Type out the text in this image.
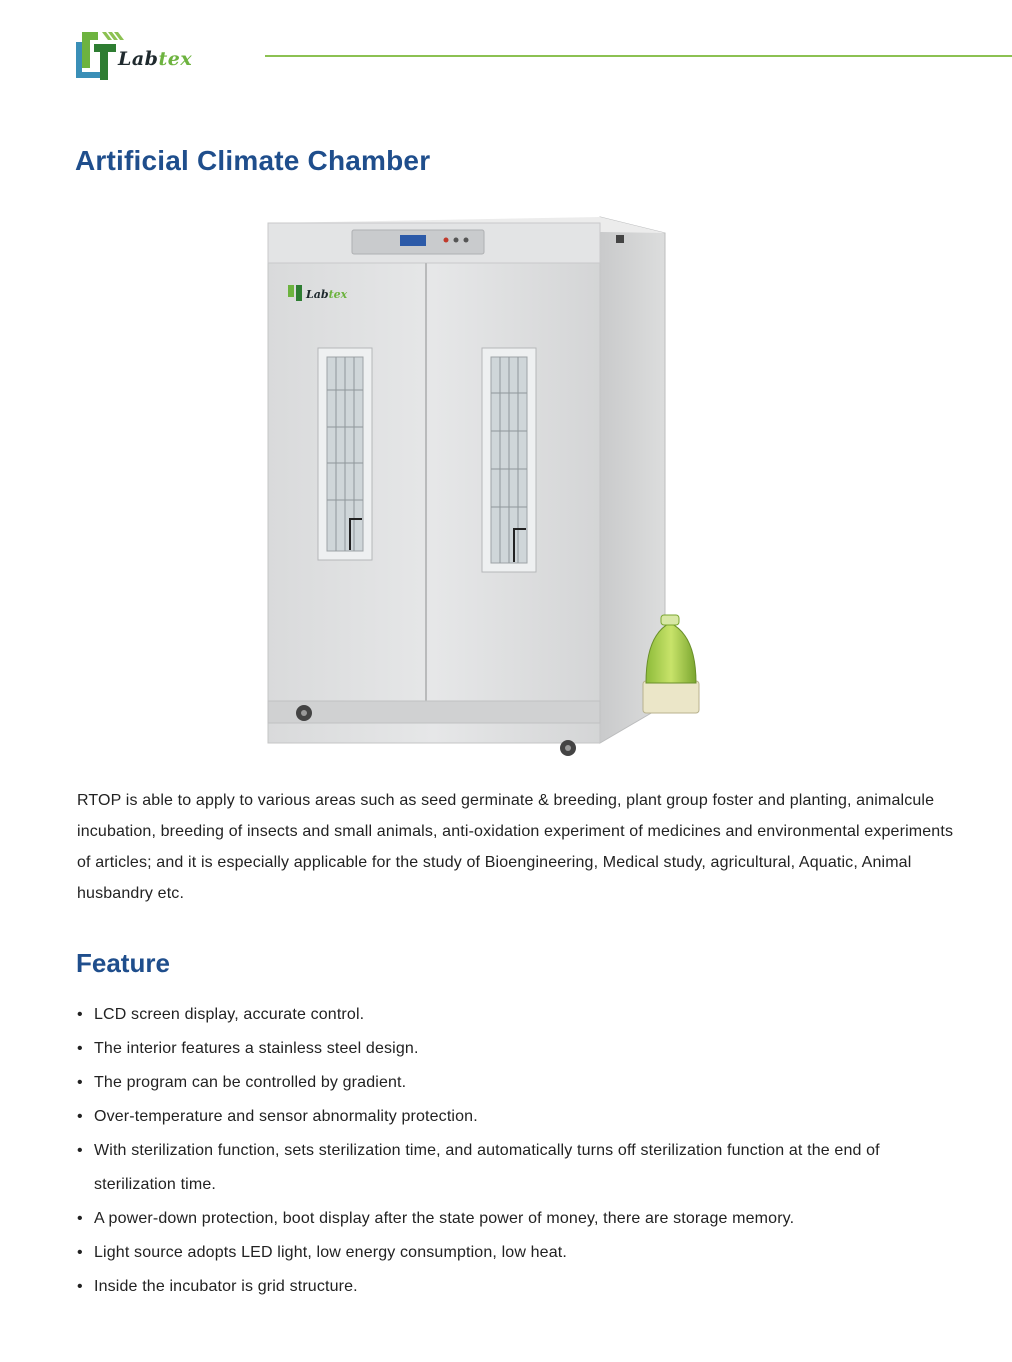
Labtex
Artificial Climate Chamber
Labtex

RTOP is able to apply to various areas such as seed germinate & breeding, plant group foster and planting, animalcule incubation, breeding of insects and small animals, anti-oxidation experiment of medicines and environmental experiments of articles; and it is especially applicable for the study of Bioengineering, Medical study, agricultural, Aquatic, Animal husbandry etc.

Feature
• LCD screen display, accurate control.
• The interior features a stainless steel design.
• The program can be controlled by gradient.
• Over-temperature and sensor abnormality protection.
• With sterilization function, sets sterilization time, and automatically turns off sterilization function at the end of sterilization time.
• A power-down protection, boot display after the state power of money, there are storage memory.
• Light source adopts LED light, low energy consumption, low heat.
• Inside the incubator is grid structure.
